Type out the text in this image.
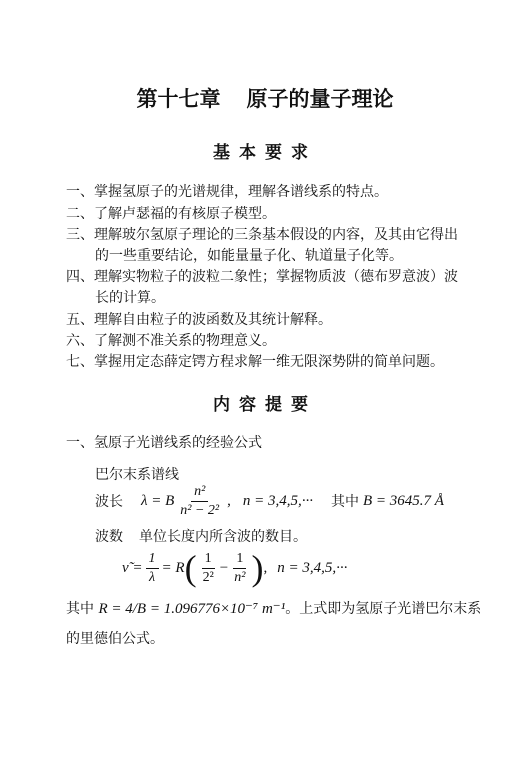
第十七章 原子的量子理论
基本要求
一、掌握氢原子的光谱规律，理解各谱线系的特点。
二、了解卢瑟福的有核原子模型。
三、理解玻尔氢原子理论的三条基本假设的内容，及其由它得出
的一些重要结论，如能量量子化、轨道量子化等。
四、理解实物粒子的波粒二象性；掌握物质波（德布罗意波）波
长的计算。
五、理解自由粒子的波函数及其统计解释。
六、了解测不准关系的物理意义。
七、掌握用定态薛定锷方程求解一维无限深势阱的简单问题。
内容提要
一、氢原子光谱线系的经验公式
巴尔末系谱线
波长 λ = B $\frac{\text{n²}}{\text{n² − 2²}}$ , n = 3,4,5,··· 其中 B = 3645.7 Å
波数 单位长度内所含波的数目。
ν̃ = $\frac{1}{\lambda} = R$ ( $\frac{1}{\text{2²}} - \frac{1}{\text{n²}}$ ) , n = 3,4,5,···
其中 R = 4/B = 1.096776×10⁻⁷ m⁻¹。上式即为氢原子光谱巴尔末系
的里德伯公式。
